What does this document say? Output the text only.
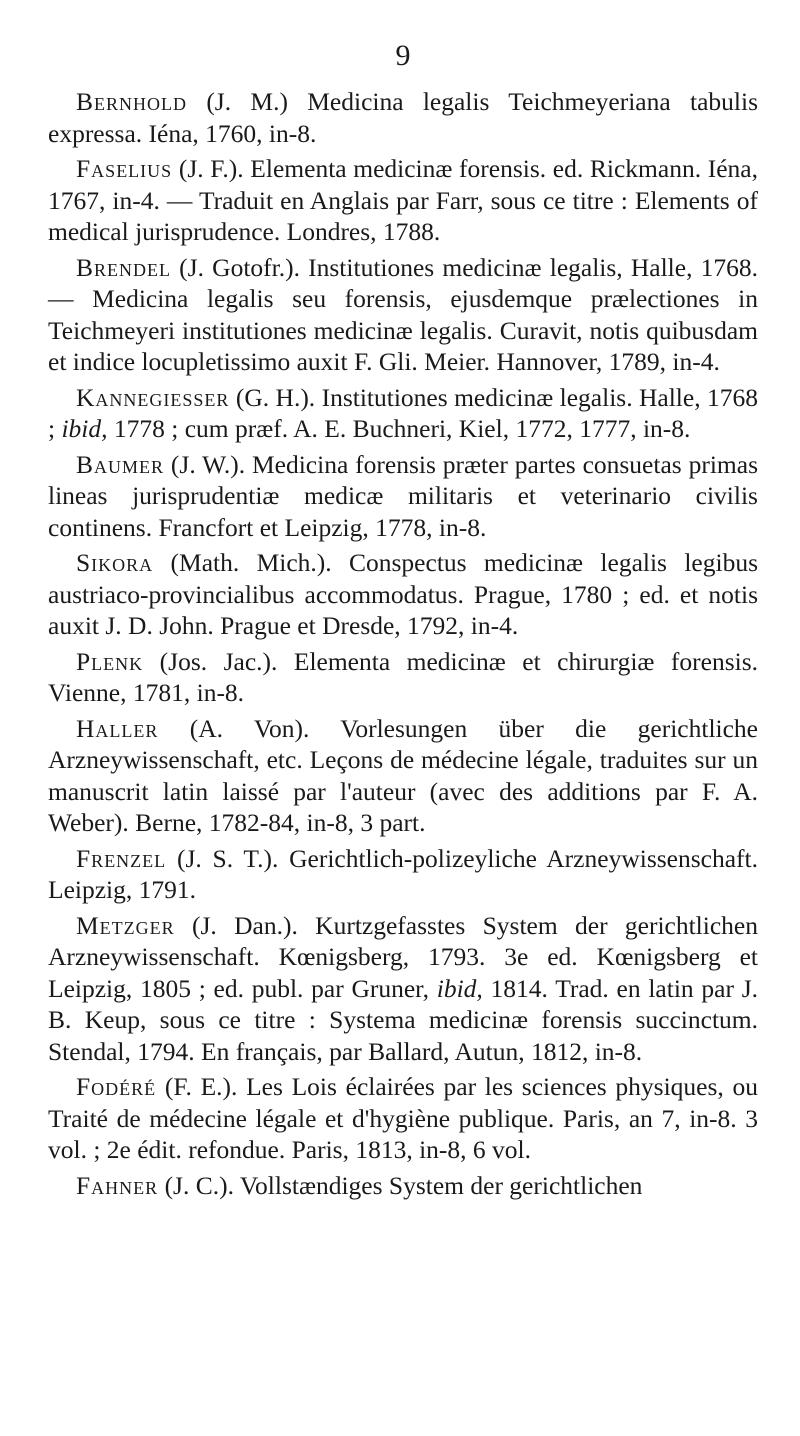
9

Bernhold (J. M.) Medicina legalis Teichmeyeriana tabulis expressa. Iéna, 1760, in-8.

Faselius (J. F.). Elementa medicinæ forensis. ed. Rickmann. Iéna, 1767, in-4. — Traduit en Anglais par Farr, sous ce titre : Elements of medical jurisprudence. Londres, 1788.

Brendel (J. Gotofr.). Institutiones medicinæ legalis, Halle, 1768. — Medicina legalis seu forensis, ejusdemque prælectiones in Teichmeyeri institutiones medicinæ legalis. Curavit, notis quibusdam et indice locupletissimo auxit F. Gli. Meier. Hannover, 1789, in-4.

Kannegiesser (G. H.). Institutiones medicinæ legalis. Halle, 1768 ; ibid, 1778 ; cum præf. A. E. Buchneri, Kiel, 1772, 1777, in-8.

Baumer (J. W.). Medicina forensis præter partes consuetas primas lineas jurisprudentiæ medicæ militaris et veterinario civilis continens. Francfort et Leipzig, 1778, in-8.

Sikora (Math. Mich.). Conspectus medicinæ legalis legibus austriaco-provincialibus accommodatus. Prague, 1780 ; ed. et notis auxit J. D. John. Prague et Dresde, 1792, in-4.

Plenk (Jos. Jac.). Elementa medicinæ et chirurgiæ forensis. Vienne, 1781, in-8.

Haller (A. Von). Vorlesungen über die gerichtliche Arzneywissenschaft, etc. Leçons de médecine légale, traduites sur un manuscrit latin laissé par l'auteur (avec des additions par F. A. Weber). Berne, 1782-84, in-8, 3 part.

Frenzel (J. S. T.). Gerichtlich-polizeyliche Arzneywissenschaft. Leipzig, 1791.

Metzger (J. Dan.). Kurtzgefasstes System der gerichtlichen Arzneywissenschaft. Kœnigsberg, 1793. 3e ed. Kœnigsberg et Leipzig, 1805 ; ed. publ. par Gruner, ibid, 1814. Trad. en latin par J. B. Keup, sous ce titre : Systema medicinæ forensis succinctum. Stendal, 1794. En français, par Ballard, Autun, 1812, in-8.

Fodéré (F. E.). Les Lois éclairées par les sciences physiques, ou Traité de médecine légale et d'hygiène publique. Paris, an 7, in-8. 3 vol. ; 2e édit. refondue. Paris, 1813, in-8, 6 vol.

Fahner (J. C.). Vollstændiges System der gerichtlichen
